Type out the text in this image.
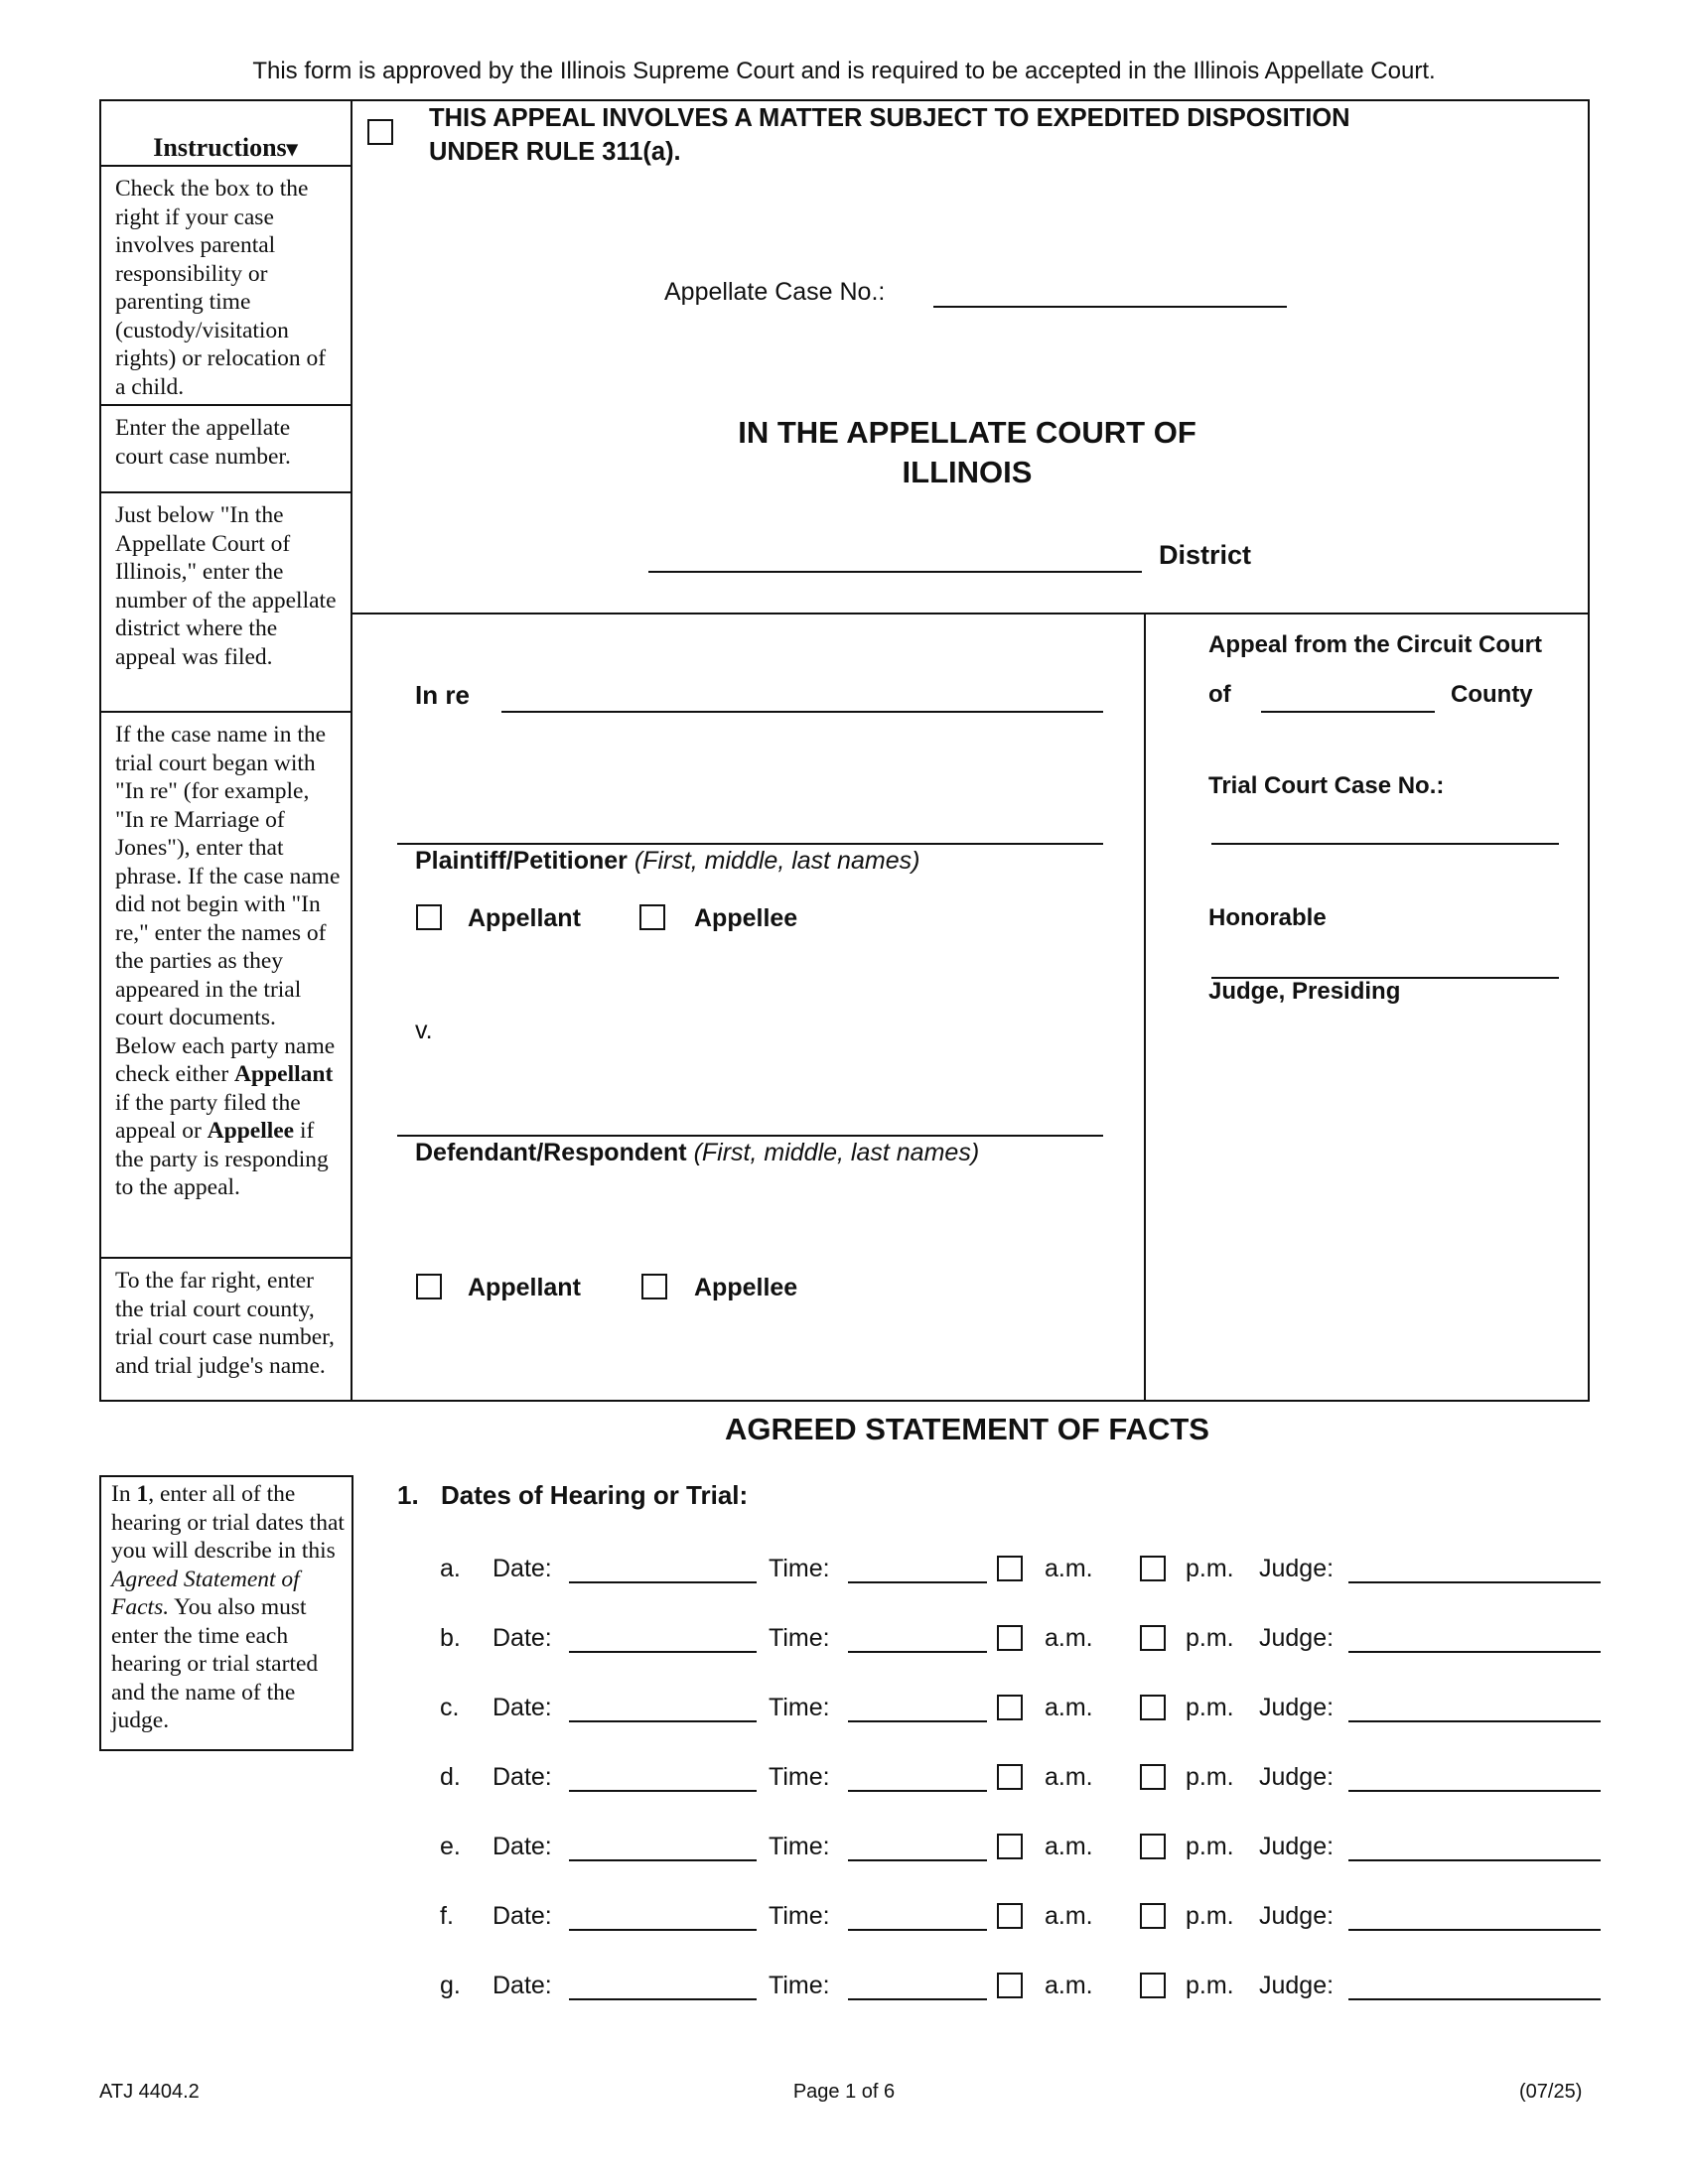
This form is approved by the Illinois Supreme Court and is required to be accepted in the Illinois Appellate Court.
Instructions▾
Check the box to the right if your case involves parental responsibility or parenting time (custody/visitation rights) or relocation of a child.
Enter the appellate court case number.
Just below "In the Appellate Court of Illinois," enter the number of the appellate district where the appeal was filed.
If the case name in the trial court began with "In re" (for example, "In re Marriage of Jones"), enter that phrase. If the case name did not begin with "In re," enter the names of the parties as they appeared in the trial court documents. Below each party name check either Appellant if the party filed the appeal or Appellee if the party is responding to the appeal.
To the far right, enter the trial court county, trial court case number, and trial judge's name.
THIS APPEAL INVOLVES A MATTER SUBJECT TO EXPEDITED DISPOSITION
UNDER RULE 311(a).
Appellate Case No.:
IN THE APPELLATE COURT OF
ILLINOIS
District
In re
Plaintiff/Petitioner (First, middle, last names)
Appellant	Appellee
v.
Defendant/Respondent (First, middle, last names)
Appellant	Appellee
Appeal from the Circuit Court
of	County
Trial Court Case No.:
Honorable
Judge, Presiding
AGREED STATEMENT OF FACTS
In 1, enter all of the hearing or trial dates that you will describe in this Agreed Statement of Facts. You also must enter the time each hearing or trial started and the name of the judge.
1. Dates of Hearing or Trial:
a. Date:	Time:	a.m.	p.m. Judge:
b. Date:	Time:	a.m.	p.m. Judge:
c. Date:	Time:	a.m.	p.m. Judge:
d. Date:	Time:	a.m.	p.m. Judge:
e. Date:	Time:	a.m.	p.m. Judge:
f. Date:	Time:	a.m.	p.m. Judge:
g. Date:	Time:	a.m.	p.m. Judge:
ATJ 4404.2	Page 1 of 6	(07/25)
